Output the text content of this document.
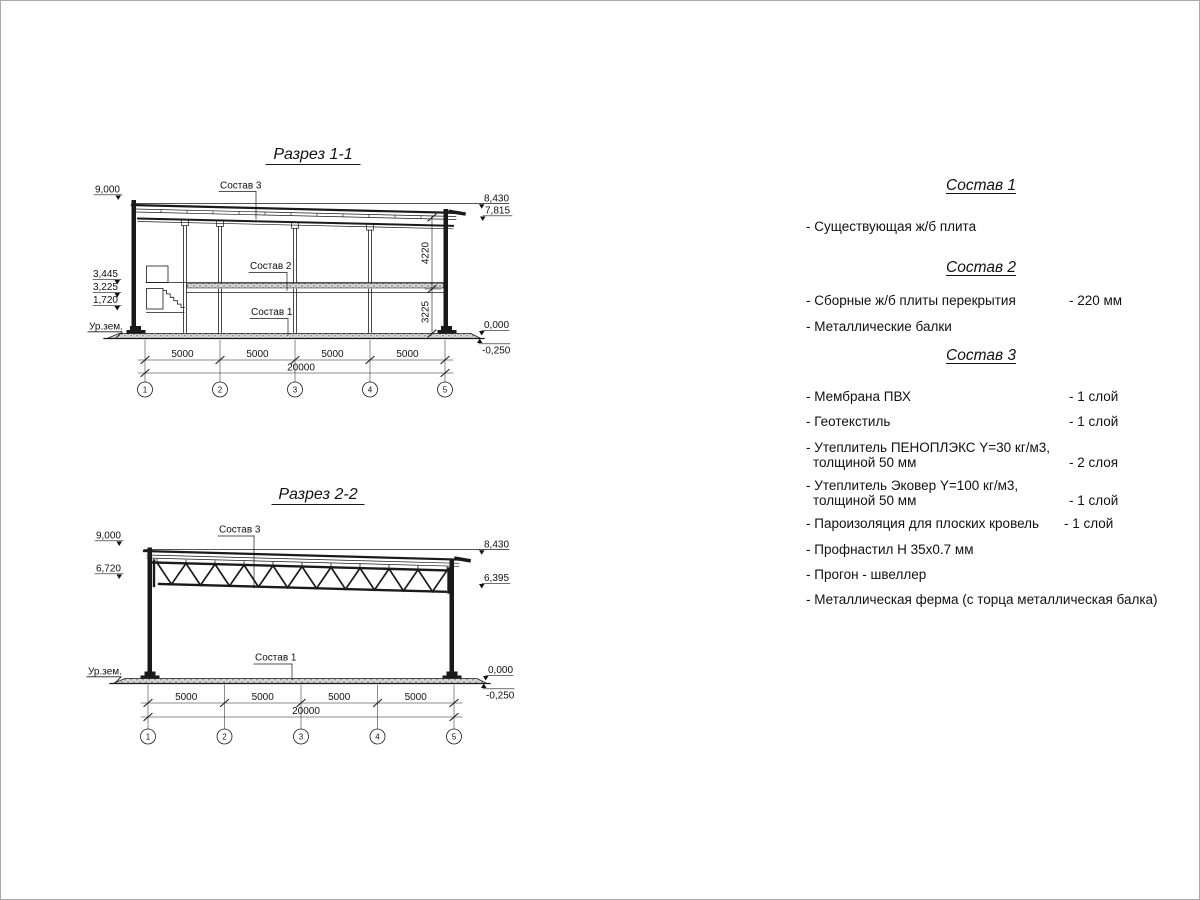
Разрез 1-1
4220
3225
Состав 3
Состав 2
Состав 1
9,000
3,445
3,225
1,720
Ур.зем.
8,430
7,815
0,000
-0,250
5000	5000	5000	5000
20000
1	2	3	4	5
Разрез 2-2
Состав 3
Состав 1
9,000
6,720
Ур.зем.
8,430
6,395
0,000
-0,250
5000	5000	5000	5000
20000
1	2	3	4	5
Состав 1
- Существующая ж/б плита
Состав 2
- Сборные ж/б плиты перекрытия	- 220 мм
- Металлические балки
Состав 3
- Мембрана ПВХ	- 1 слой
- Геотекстиль	- 1 слой
- Утеплитель ПЕНОПЛЭКС Y=30 кг/м3,
толщиной 50 мм	- 2 слоя
- Утеплитель Эковер Y=100 кг/м3,
толщиной 50 мм	- 1 слой
- Пароизоляция для плоских кровель - 1 слой
- Профнастил Н 35х0.7 мм
- Прогон - швеллер
- Металлическая ферма (с торца металлическая балка)
